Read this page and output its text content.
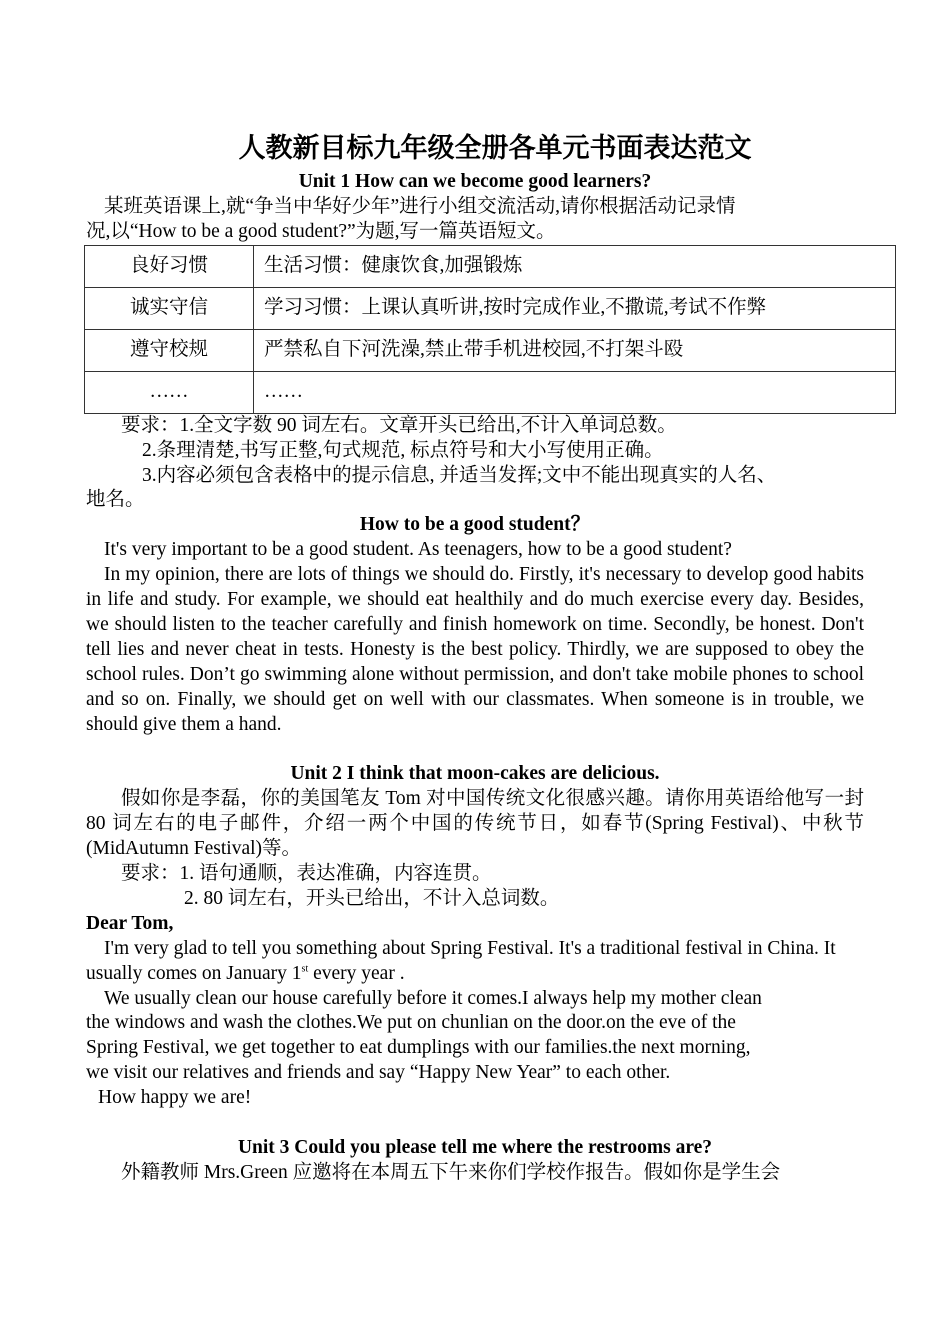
人教新目标九年级全册各单元书面表达范文

Unit 1 How can we become good learners?

某班英语课上,就“争当中华好少年”进行小组交流活动,请你根据活动记录情

况,以“How to be a good student?”为题,写一篇英语短文。

良好习惯	生活习惯：健康饮食,加强锻炼
诚实守信	学习习惯：上课认真听讲,按时完成作业,不撒谎,考试不作弊
遵守校规	严禁私自下河洗澡,禁止带手机进校园,不打架斗殴
……	……

要求：1.全文字数 90 词左右。文章开头已给出,不计入单词总数。

2.条理清楚,书写正整,句式规范, 标点符号和大小写使用正确。

3.内容必须包含表格中的提示信息, 并适当发挥;文中不能出现真实的人名、

地名。

How to be a good student？

It's very important to be a good student. As teenagers, how to be a good student?

In my opinion, there are lots of things we should do. Firstly, it's necessary to develop good habits in life and study. For example, we should eat healthily and do much exercise every day. Besides, we should listen to the teacher carefully and finish homework on time. Secondly, be honest. Don't tell lies and never cheat in tests. Honesty is the best policy. Thirdly, we are supposed to obey the school rules. Don’t go swimming alone without permission, and don't take mobile phones to school and so on. Finally, we should get on well with our classmates. When someone is in trouble, we should give them a hand.

Unit 2 I think that moon-cakes are delicious.

假如你是李磊，你的美国笔友 Tom 对中国传统文化很感兴趣。请你用英语给他写一封 80 词左右的电子邮件，介绍一两个中国的传统节日，如春节(Spring Festival)、中秋节(MidAutumn Festival)等。

要求：1. 语句通顺，表达准确，内容连贯。

2. 80 词左右，开头已给出，不计入总词数。

Dear Tom,

I'm very glad to tell you something about Spring Festival. It's a traditional festival in China. It usually comes on January 1st every year .

We usually clean our house carefully before it comes.I always help my mother clean

the windows and wash the clothes.We put on chunlian on the door.on the eve of the

Spring Festival, we get together to eat dumplings with our families.the next morning,

we visit our relatives and friends and say “Happy New Year” to each other.

How happy we are!

Unit 3 Could you please tell me where the restrooms are?

外籍教师 Mrs.Green 应邀将在本周五下午来你们学校作报告。假如你是学生会
